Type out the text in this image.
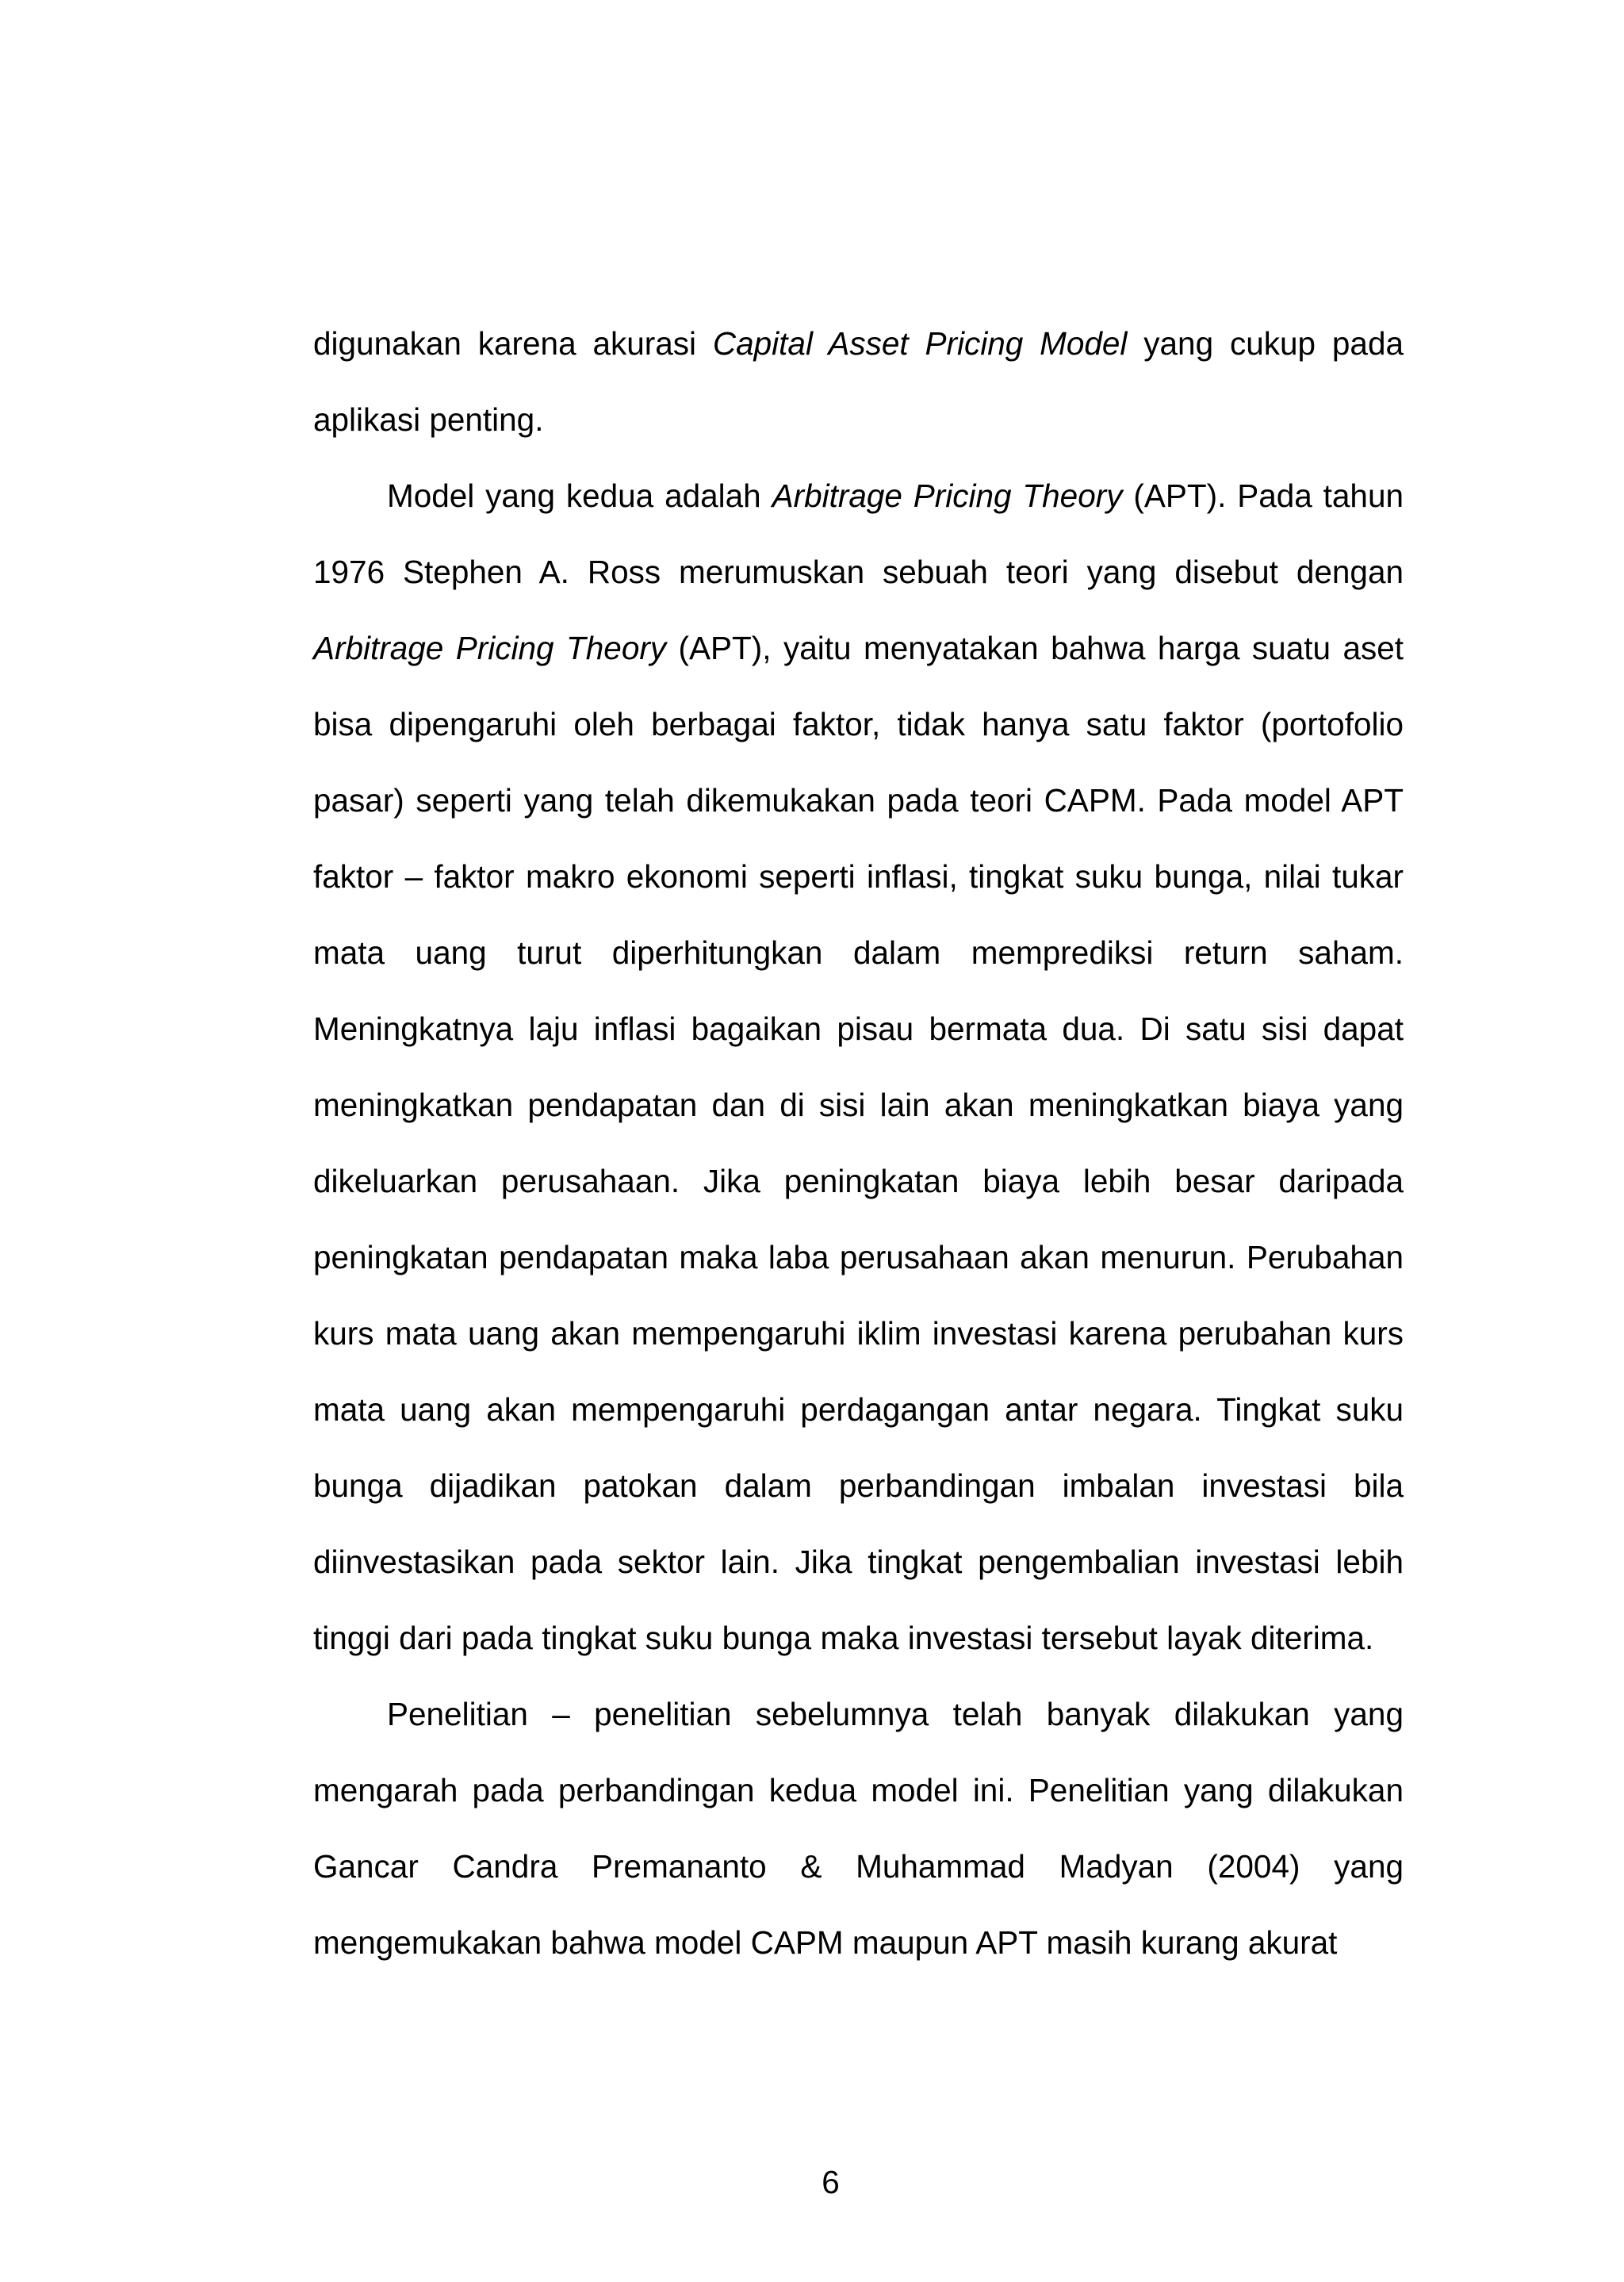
digunakan karena akurasi Capital Asset Pricing Model yang cukup pada aplikasi penting.

Model yang kedua adalah Arbitrage Pricing Theory (APT). Pada tahun 1976 Stephen A. Ross merumuskan sebuah teori yang disebut dengan Arbitrage Pricing Theory (APT), yaitu menyatakan bahwa harga suatu aset bisa dipengaruhi oleh berbagai faktor, tidak hanya satu faktor (portofolio pasar) seperti yang telah dikemukakan pada teori CAPM. Pada model APT faktor – faktor makro ekonomi seperti inflasi, tingkat suku bunga, nilai tukar mata uang turut diperhitungkan dalam memprediksi return saham. Meningkatnya laju inflasi bagaikan pisau bermata dua. Di satu sisi dapat meningkatkan pendapatan dan di sisi lain akan meningkatkan biaya yang dikeluarkan perusahaan. Jika peningkatan biaya lebih besar daripada peningkatan pendapatan maka laba perusahaan akan menurun. Perubahan kurs mata uang akan mempengaruhi iklim investasi karena perubahan kurs mata uang akan mempengaruhi perdagangan antar negara. Tingkat suku bunga dijadikan patokan dalam perbandingan imbalan investasi bila diinvestasikan pada sektor lain. Jika tingkat pengembalian investasi lebih tinggi dari pada tingkat suku bunga maka investasi tersebut layak diterima.

Penelitian – penelitian sebelumnya telah banyak dilakukan yang mengarah pada perbandingan kedua model ini. Penelitian yang dilakukan Gancar Candra Premananto & Muhammad Madyan (2004) yang mengemukakan bahwa model CAPM maupun APT masih kurang akurat

6
